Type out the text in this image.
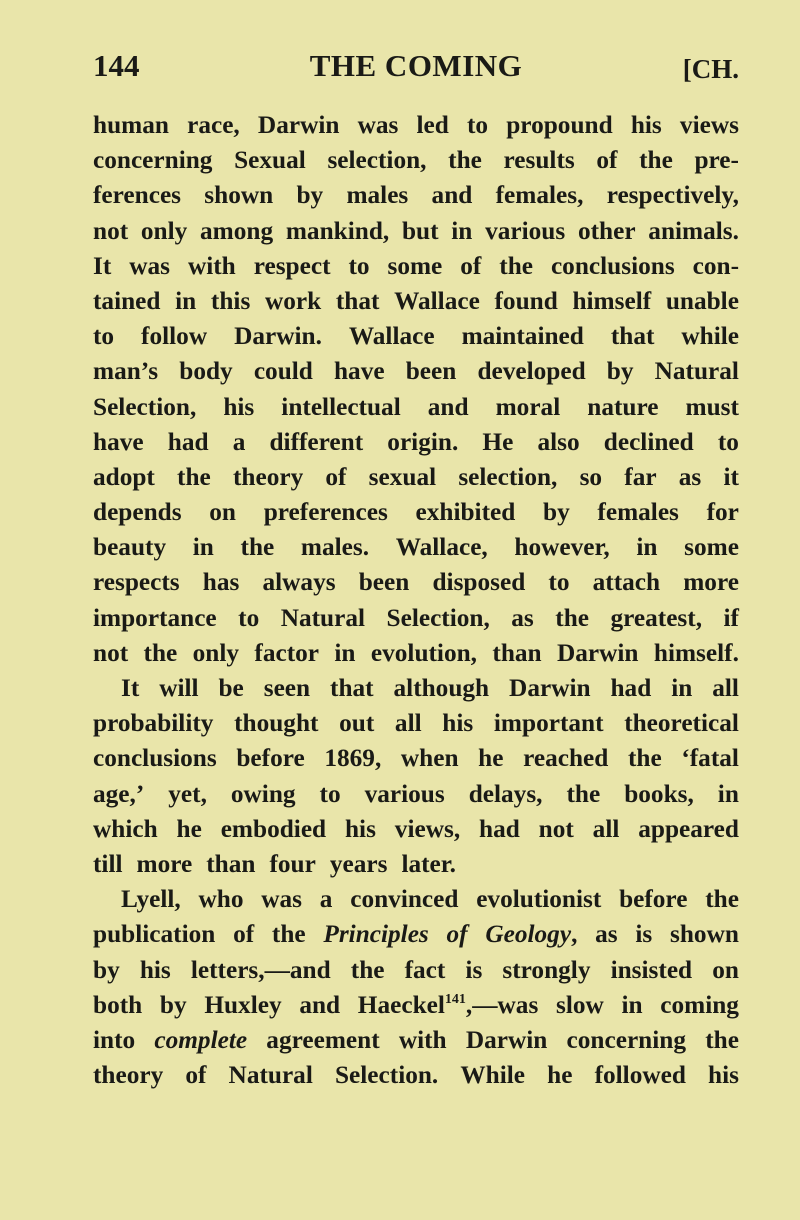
144	THE COMING	[CH.
human race, Darwin was led to propound his views
concerning Sexual selection, the results of the pre-
ferences shown by males and females, respectively,
not only among mankind, but in various other animals.
It was with respect to some of the conclusions con-
tained in this work that Wallace found himself unable
to follow Darwin. Wallace maintained that while
man’s body could have been developed by Natural
Selection, his intellectual and moral nature must
have had a different origin. He also declined to
adopt the theory of sexual selection, so far as it
depends on preferences exhibited by females for
beauty in the males. Wallace, however, in some
respects has always been disposed to attach more
importance to Natural Selection, as the greatest, if
not the only factor in evolution, than Darwin himself.
It will be seen that although Darwin had in all
probability thought out all his important theoretical
conclusions before 1869, when he reached the ‘fatal
age,’ yet, owing to various delays, the books, in
which he embodied his views, had not all appeared
till more than four years later.
Lyell, who was a convinced evolutionist before the
publication of the Principles of Geology, as is shown
by his letters,—and the fact is strongly insisted on
both by Huxley and Haeckel$^{141}$,—was slow in coming
into complete agreement with Darwin concerning the
theory of Natural Selection. While he followed his
